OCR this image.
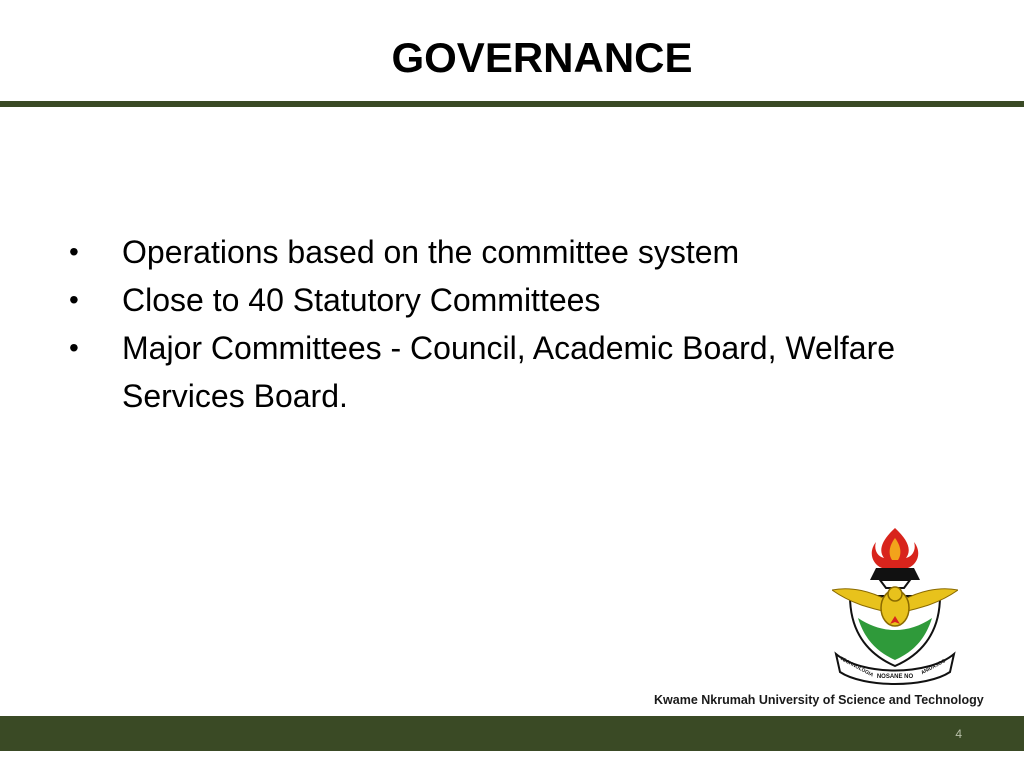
GOVERNANCE
• Operations based on the committee system
• Close to 40 Statutory Committees
• Major Committees - Council, Academic Board, Welfare Services Board.
NOSANE NO
TECHNOLOGIA	ANIDASOO
Kwame Nkrumah University of Science and Technology
4
